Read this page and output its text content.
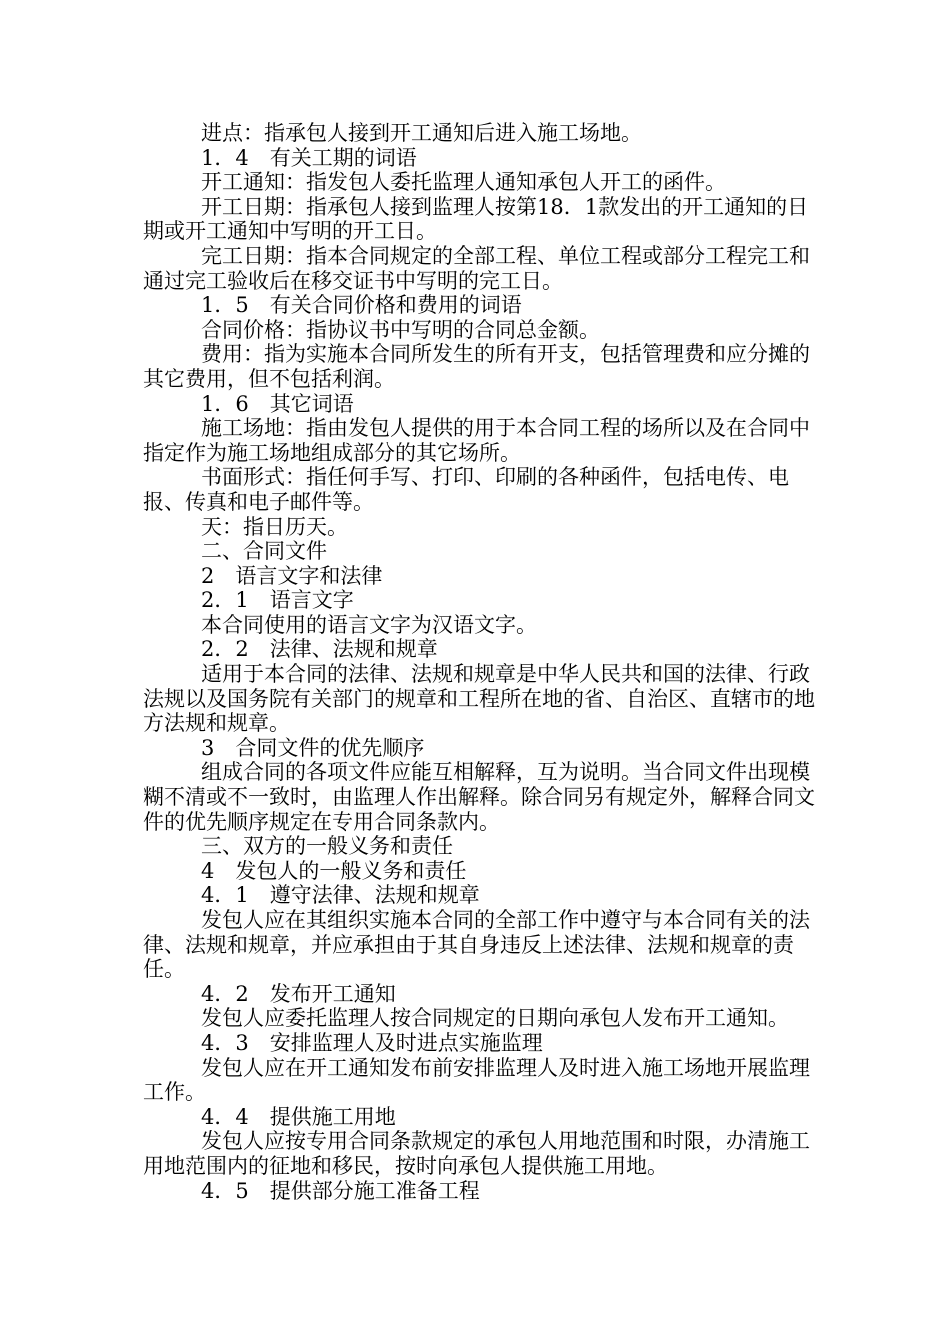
进点：指承包人接到开工通知后进入施工场地。

1．4　有关工期的词语

开工通知：指发包人委托监理人通知承包人开工的函件。

开工日期：指承包人接到监理人按第18．1款发出的开工通知的日期或开工通知中写明的开工日。

完工日期：指本合同规定的全部工程、单位工程或部分工程完工和通过完工验收后在移交证书中写明的完工日。

1．5　有关合同价格和费用的词语

合同价格：指协议书中写明的合同总金额。

费用：指为实施本合同所发生的所有开支，包括管理费和应分摊的其它费用，但不包括利润。

1．6　其它词语

施工场地：指由发包人提供的用于本合同工程的场所以及在合同中指定作为施工场地组成部分的其它场所。

书面形式：指任何手写、打印、印刷的各种函件，包括电传、电报、传真和电子邮件等。

天：指日历天。

二、合同文件

2　语言文字和法律

2．1　语言文字

本合同使用的语言文字为汉语文字。

2．2　法律、法规和规章

适用于本合同的法律、法规和规章是中华人民共和国的法律、行政法规以及国务院有关部门的规章和工程所在地的省、自治区、直辖市的地方法规和规章。

3　合同文件的优先顺序

组成合同的各项文件应能互相解释，互为说明。当合同文件出现模糊不清或不一致时，由监理人作出解释。除合同另有规定外，解释合同文件的优先顺序规定在专用合同条款内。

三、双方的一般义务和责任

4　发包人的一般义务和责任

4．1　遵守法律、法规和规章

发包人应在其组织实施本合同的全部工作中遵守与本合同有关的法律、法规和规章，并应承担由于其自身违反上述法律、法规和规章的责任。

4．2　发布开工通知

发包人应委托监理人按合同规定的日期向承包人发布开工通知。

4．3　安排监理人及时进点实施监理

发包人应在开工通知发布前安排监理人及时进入施工场地开展监理工作。

4．4　提供施工用地

发包人应按专用合同条款规定的承包人用地范围和时限，办清施工用地范围内的征地和移民，按时向承包人提供施工用地。

4．5　提供部分施工准备工程
